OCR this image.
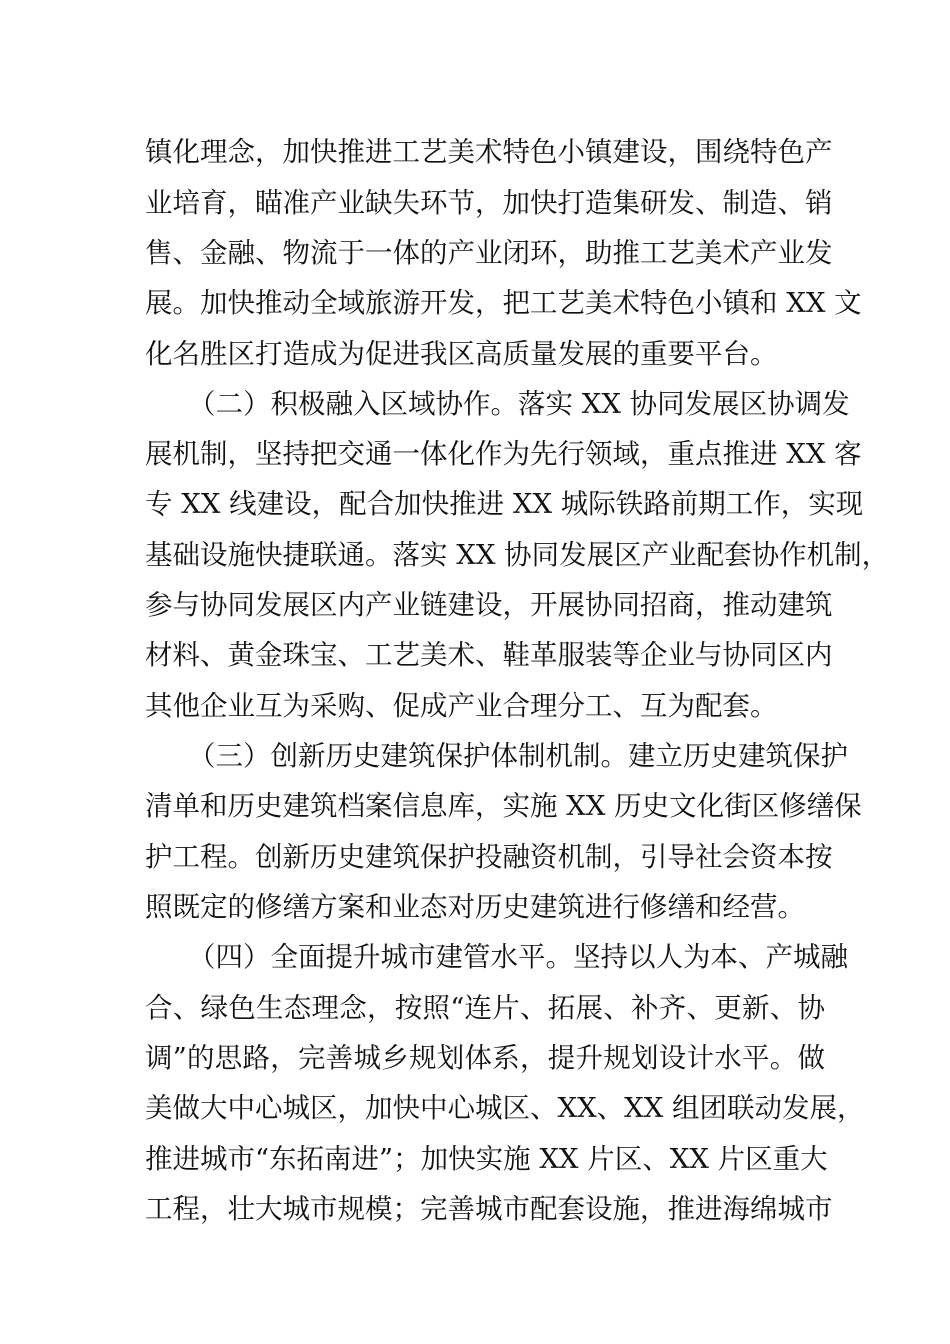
镇化理念，加快推进工艺美术特色小镇建设，围绕特色产
业培育，瞄准产业缺失环节，加快打造集研发、制造、销
售、金融、物流于一体的产业闭环，助推工艺美术产业发
展。加快推动全域旅游开发，把工艺美术特色小镇和 XX 文
化名胜区打造成为促进我区高质量发展的重要平台。
（二）积极融入区域协作。落实 XX 协同发展区协调发
展机制，坚持把交通一体化作为先行领域，重点推进 XX 客
专 XX 线建设，配合加快推进 XX 城际铁路前期工作，实现
基础设施快捷联通。落实 XX 协同发展区产业配套协作机制，
参与协同发展区内产业链建设，开展协同招商，推动建筑
材料、黄金珠宝、工艺美术、鞋革服装等企业与协同区内
其他企业互为采购、促成产业合理分工、互为配套。
（三）创新历史建筑保护体制机制。建立历史建筑保护
清单和历史建筑档案信息库，实施 XX 历史文化街区修缮保
护工程。创新历史建筑保护投融资机制，引导社会资本按
照既定的修缮方案和业态对历史建筑进行修缮和经营。
（四）全面提升城市建管水平。坚持以人为本、产城融
合、绿色生态理念，按照“连片、拓展、补齐、更新、协
调”的思路，完善城乡规划体系，提升规划设计水平。做
美做大中心城区，加快中心城区、XX、XX 组团联动发展，
推进城市“东拓南进”；加快实施 XX 片区、XX 片区重大
工程，壮大城市规模；完善城市配套设施，推进海绵城市
